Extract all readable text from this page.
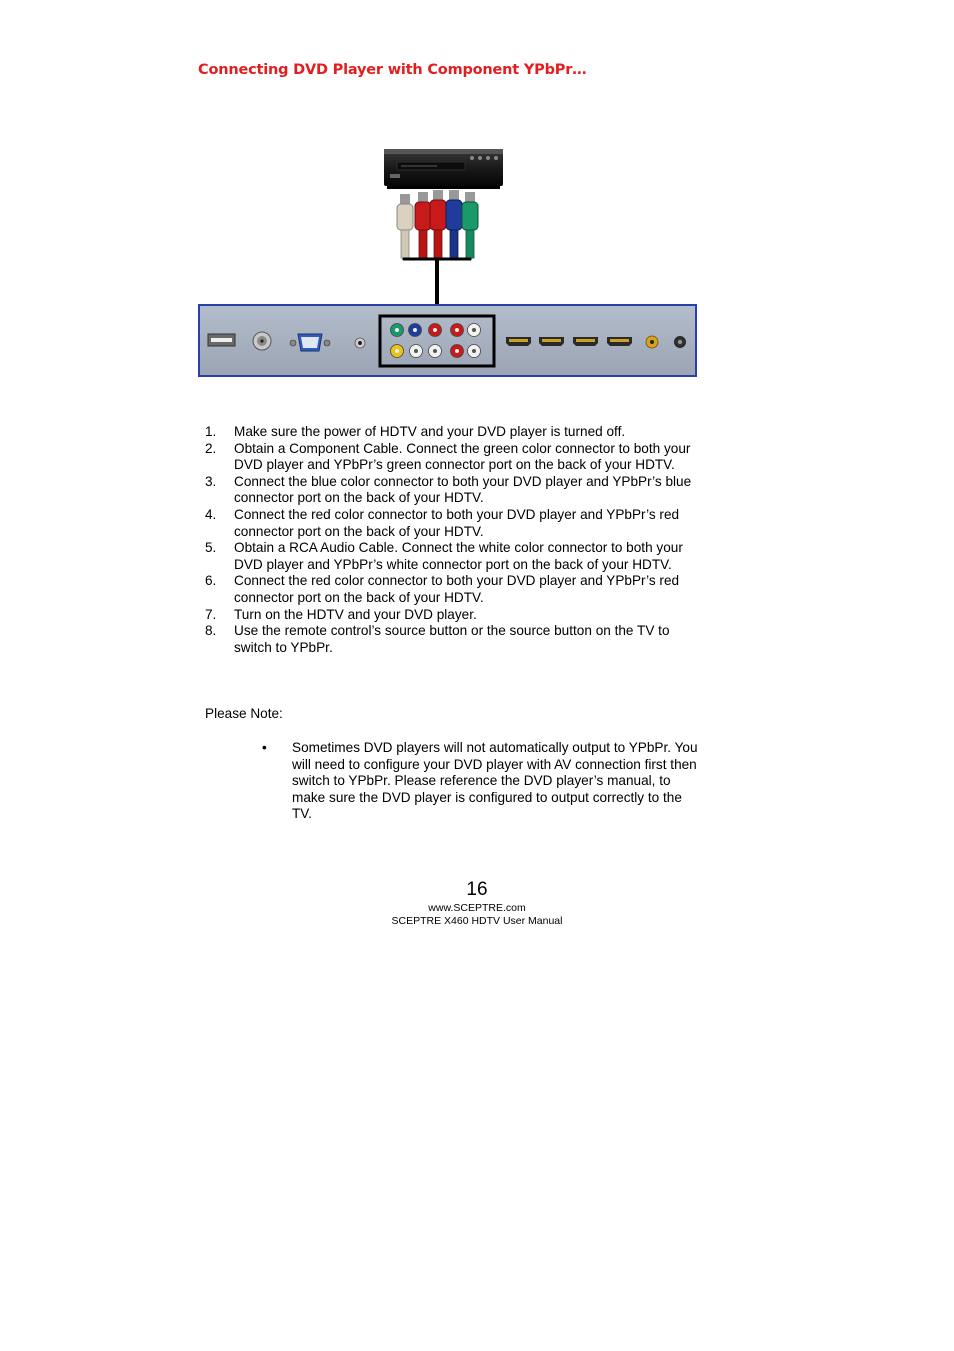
Connecting DVD Player with Component YPbPr…
1. Make sure the power of HDTV and your DVD player is turned off.
2. Obtain a Component Cable. Connect the green color connector to both your DVD player and YPbPr’s green connector port on the back of your HDTV.
3. Connect the blue color connector to both your DVD player and YPbPr’s blue connector port on the back of your HDTV.
4. Connect the red color connector to both your DVD player and YPbPr’s red connector port on the back of your HDTV.
5. Obtain a RCA Audio Cable. Connect the white color connector to both your DVD player and YPbPr’s white connector port on the back of your HDTV.
6. Connect the red color connector to both your DVD player and YPbPr’s red connector port on the back of your HDTV.
7. Turn on the HDTV and your DVD player.
8. Use the remote control’s source button or the source button on the TV to switch to YPbPr.
Please Note:
• Sometimes DVD players will not automatically output to YPbPr. You will need to configure your DVD player with AV connection first then switch to YPbPr. Please reference the DVD player’s manual, to make sure the DVD player is configured to output correctly to the TV.
16
www.SCEPTRE.com
SCEPTRE X460 HDTV User Manual
